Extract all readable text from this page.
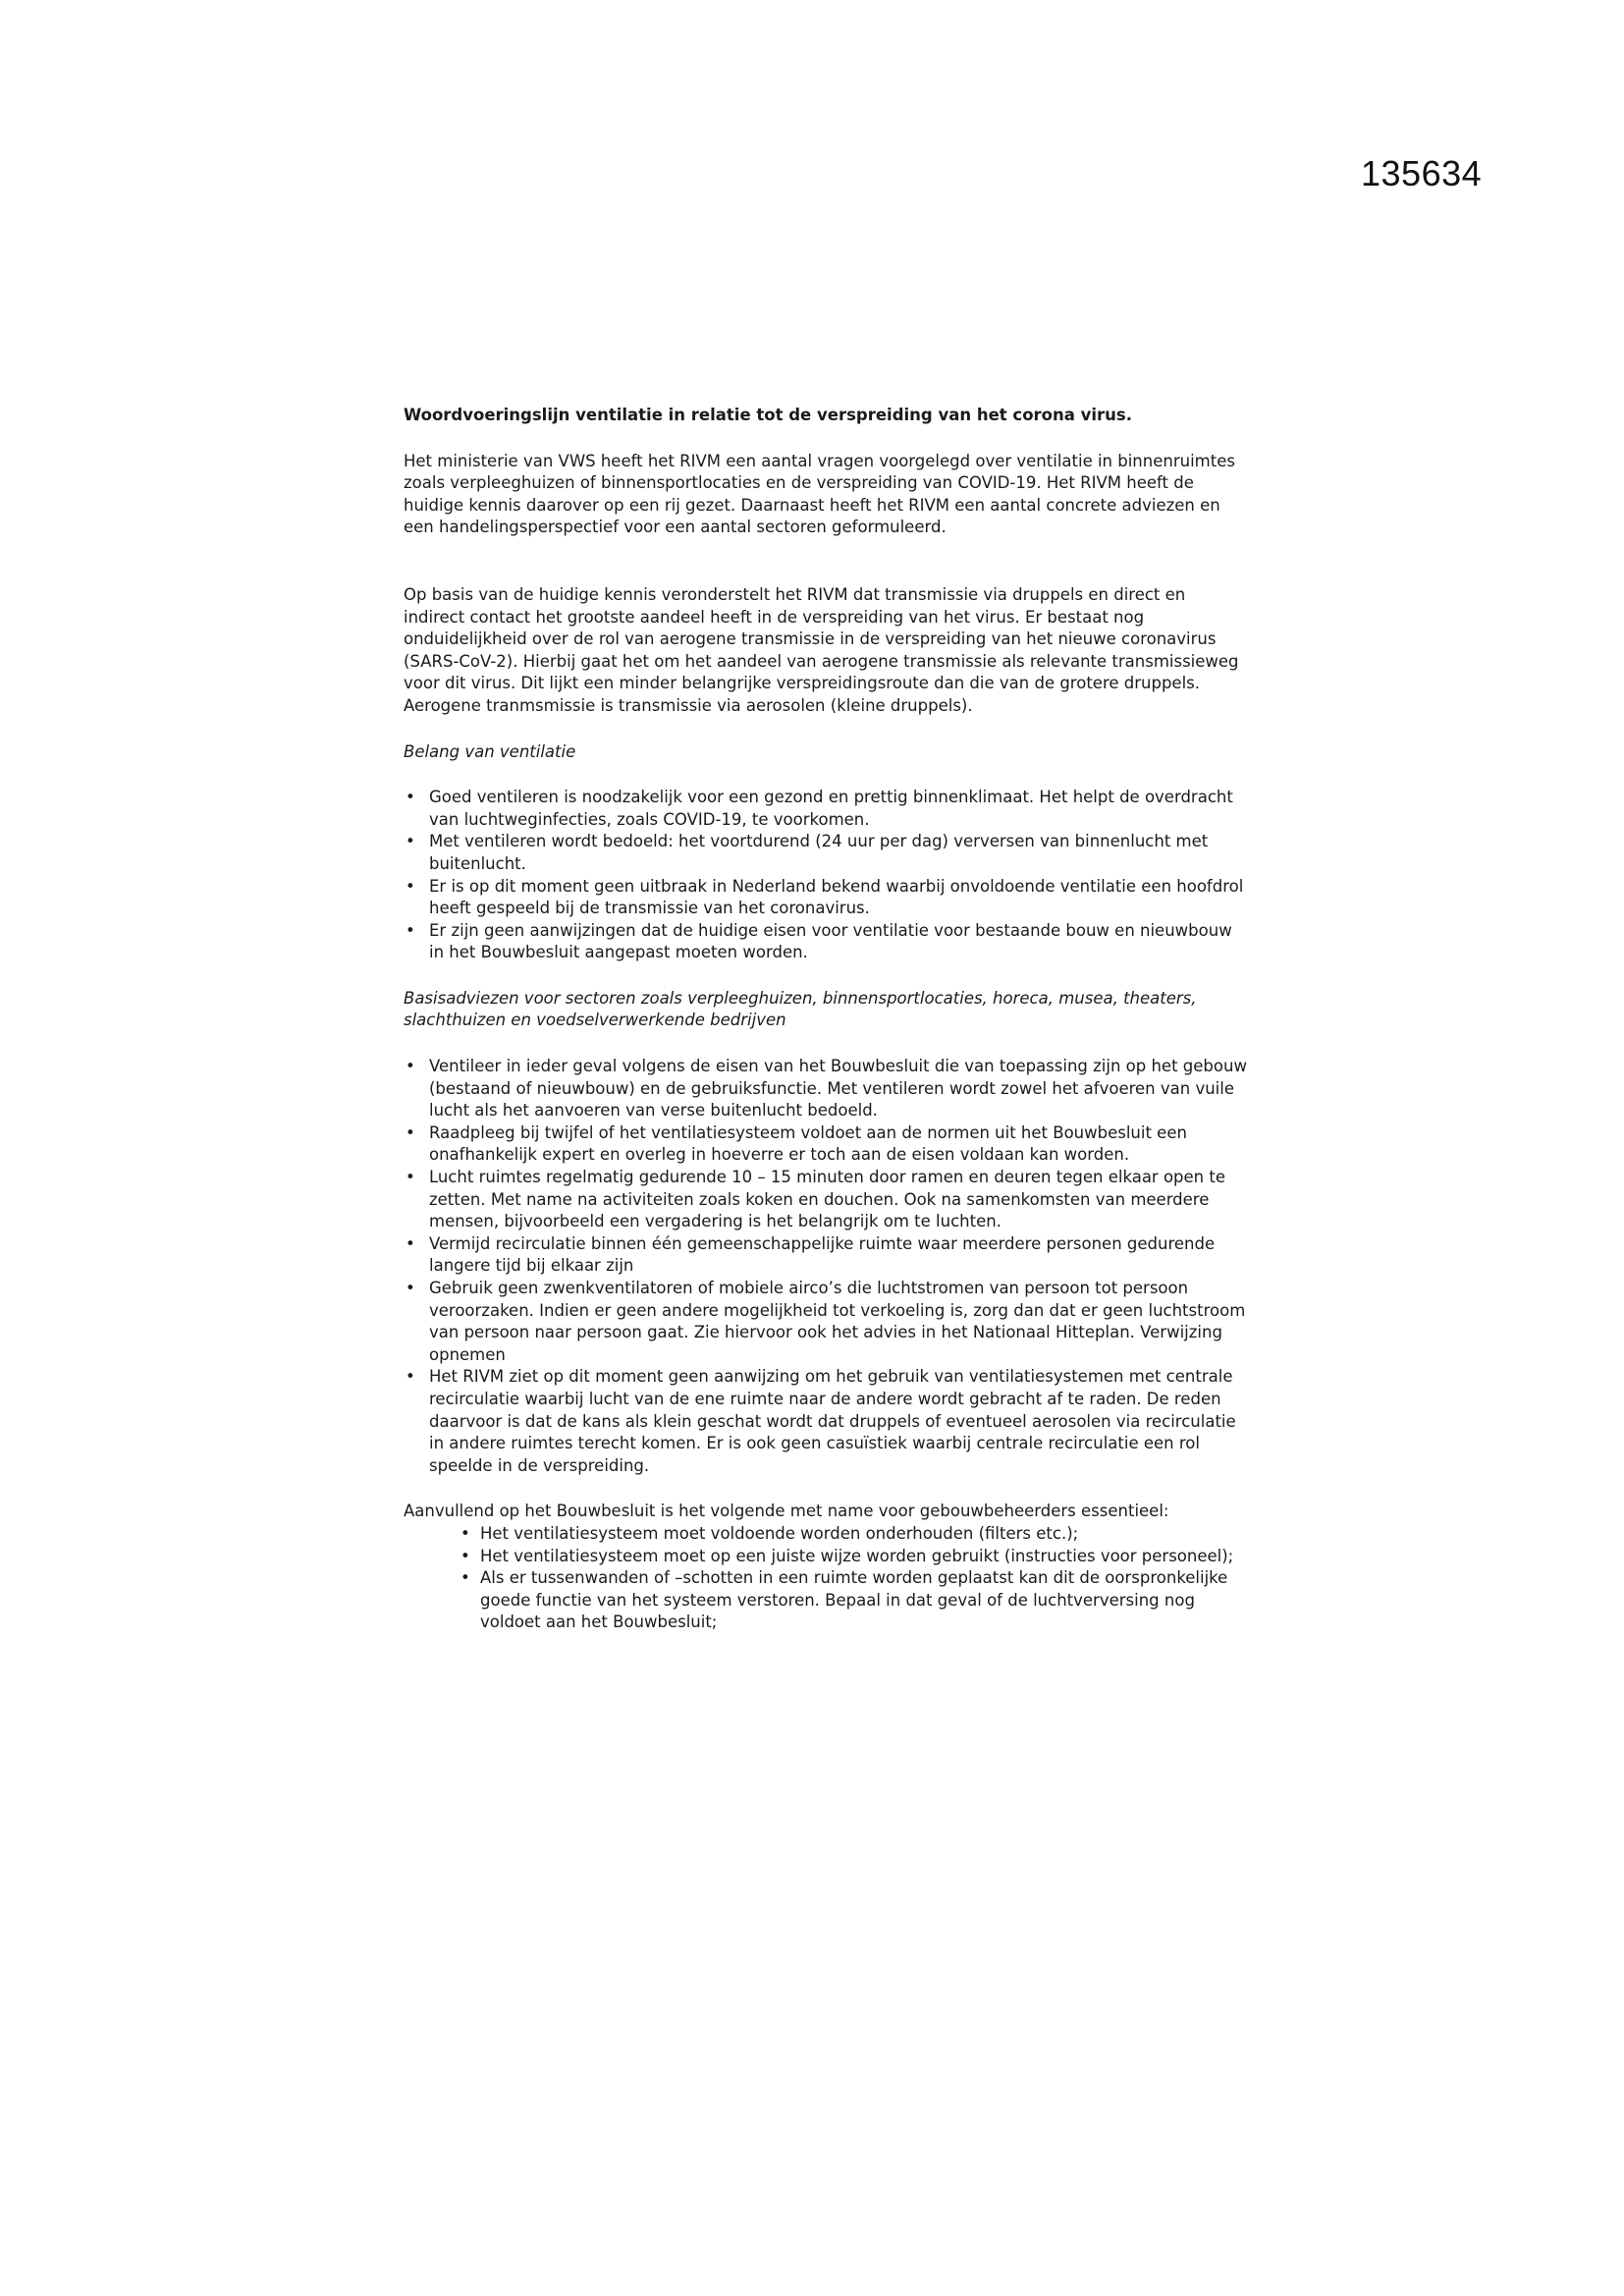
135634

Woordvoeringslijn ventilatie in relatie tot de verspreiding van het corona virus.

Het ministerie van VWS heeft het RIVM een aantal vragen voorgelegd over ventilatie in binnenruimtes zoals verpleeghuizen of binnensportlocaties en de verspreiding van COVID-19. Het RIVM heeft de huidige kennis daarover op een rij gezet. Daarnaast heeft het RIVM een aantal concrete adviezen en een handelingsperspectief voor een aantal sectoren geformuleerd.

Op basis van de huidige kennis veronderstelt het RIVM dat transmissie via druppels en direct en indirect contact het grootste aandeel heeft in de verspreiding van het virus. Er bestaat nog onduidelijkheid over de rol van aerogene transmissie in de verspreiding van het nieuwe coronavirus (SARS-CoV-2). Hierbij gaat het om het aandeel van aerogene transmissie als relevante transmissieweg voor dit virus. Dit lijkt een minder belangrijke verspreidingsroute dan die van de grotere druppels. Aerogene tranmsmissie is transmissie via aerosolen (kleine druppels).

Belang van ventilatie

• Goed ventileren is noodzakelijk voor een gezond en prettig binnenklimaat. Het helpt de overdracht van luchtweginfecties, zoals COVID-19, te voorkomen.
• Met ventileren wordt bedoeld: het voortdurend (24 uur per dag) verversen van binnenlucht met buitenlucht.
• Er is op dit moment geen uitbraak in Nederland bekend waarbij onvoldoende ventilatie een hoofdrol heeft gespeeld bij de transmissie van het coronavirus.
• Er zijn geen aanwijzingen dat de huidige eisen voor ventilatie voor bestaande bouw en nieuwbouw in het Bouwbesluit aangepast moeten worden.

Basisadviezen voor sectoren zoals verpleeghuizen, binnensportlocaties, horeca, musea, theaters, slachthuizen en voedselverwerkende bedrijven

• Ventileer in ieder geval volgens de eisen van het Bouwbesluit die van toepassing zijn op het gebouw (bestaand of nieuwbouw) en de gebruiksfunctie. Met ventileren wordt zowel het afvoeren van vuile lucht als het aanvoeren van verse buitenlucht bedoeld.
• Raadpleeg bij twijfel of het ventilatiesysteem voldoet aan de normen uit het Bouwbesluit een onafhankelijk expert en overleg in hoeverre er toch aan de eisen voldaan kan worden.
• Lucht ruimtes regelmatig gedurende 10 – 15 minuten door ramen en deuren tegen elkaar open te zetten. Met name na activiteiten zoals koken en douchen. Ook na samenkomsten van meerdere mensen, bijvoorbeeld een vergadering is het belangrijk om te luchten.
• Vermijd recirculatie binnen één gemeenschappelijke ruimte waar meerdere personen gedurende langere tijd bij elkaar zijn
• Gebruik geen zwenkventilatoren of mobiele airco’s die luchtstromen van persoon tot persoon veroorzaken. Indien er geen andere mogelijkheid tot verkoeling is, zorg dan dat er geen luchtstroom van persoon naar persoon gaat. Zie hiervoor ook het advies in het Nationaal Hitteplan. Verwijzing opnemen
• Het RIVM ziet op dit moment geen aanwijzing om het gebruik van ventilatiesystemen met centrale recirculatie waarbij lucht van de ene ruimte naar de andere wordt gebracht af te raden. De reden daarvoor is dat de kans als klein geschat wordt dat druppels of eventueel aerosolen via recirculatie in andere ruimtes terecht komen. Er is ook geen casuïstiek waarbij centrale recirculatie een rol speelde in de verspreiding.

Aanvullend op het Bouwbesluit is het volgende met name voor gebouwbeheerders essentieel:

• Het ventilatiesysteem moet voldoende worden onderhouden (filters etc.);
• Het ventilatiesysteem moet op een juiste wijze worden gebruikt (instructies voor personeel);
• Als er tussenwanden of –schotten in een ruimte worden geplaatst kan dit de oorspronkelijke goede functie van het systeem verstoren. Bepaal in dat geval of de luchtverversing nog voldoet aan het Bouwbesluit;
